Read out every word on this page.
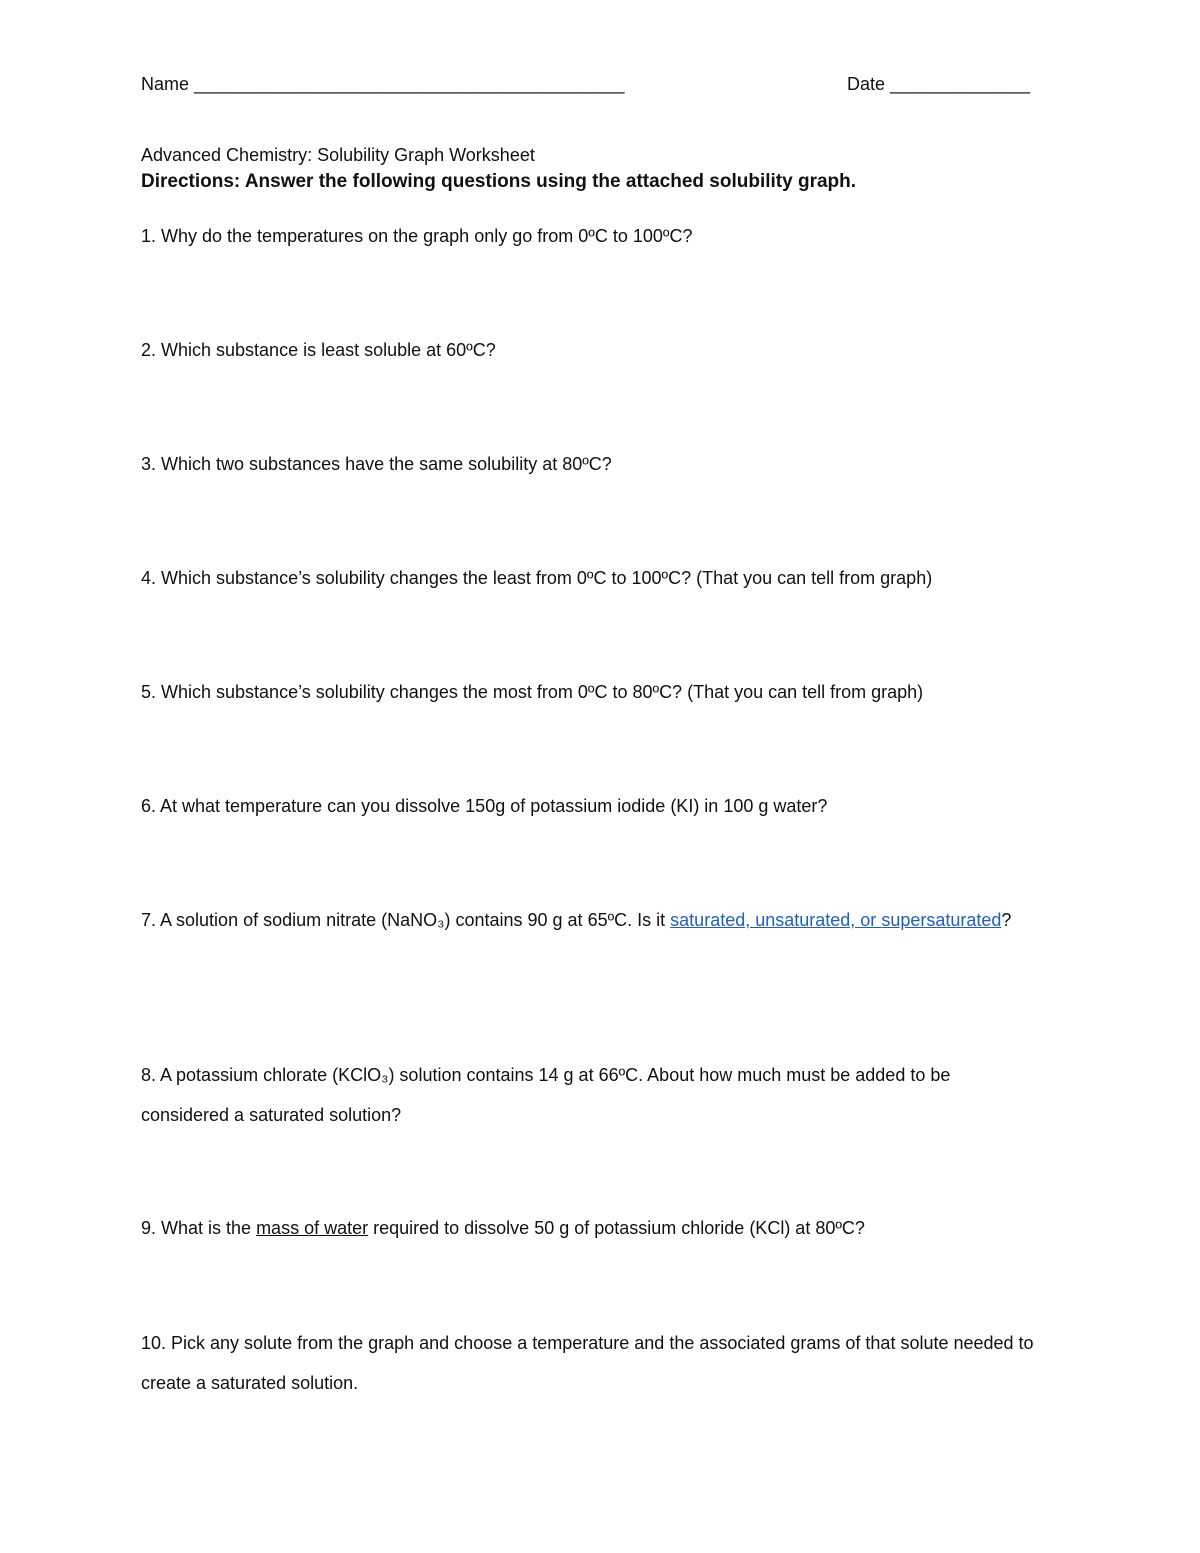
Name ___________________________________________	Date ______________
Advanced Chemistry: Solubility Graph Worksheet
Directions: Answer the following questions using the attached solubility graph.
1. Why do the temperatures on the graph only go from 0ºC to 100ºC?
2. Which substance is least soluble at 60ºC?
3. Which two substances have the same solubility at 80ºC?
4. Which substance’s solubility changes the least from 0ºC to 100ºC? (That you can tell from graph)
5. Which substance’s solubility changes the most from 0ºC to 80ºC? (That you can tell from graph)
6. At what temperature can you dissolve 150g of potassium iodide (KI) in 100 g water?
7. A solution of sodium nitrate (NaNO₃) contains 90 g at 65ºC. Is it saturated, unsaturated, or supersaturated?
8. A potassium chlorate (KClO₃) solution contains 14 g at 66ºC. About how much must be added to be considered a saturated solution?
9. What is the mass of water required to dissolve 50 g of potassium chloride (KCl) at 80ºC?
10. Pick any solute from the graph and choose a temperature and the associated grams of that solute needed to create a saturated solution.
